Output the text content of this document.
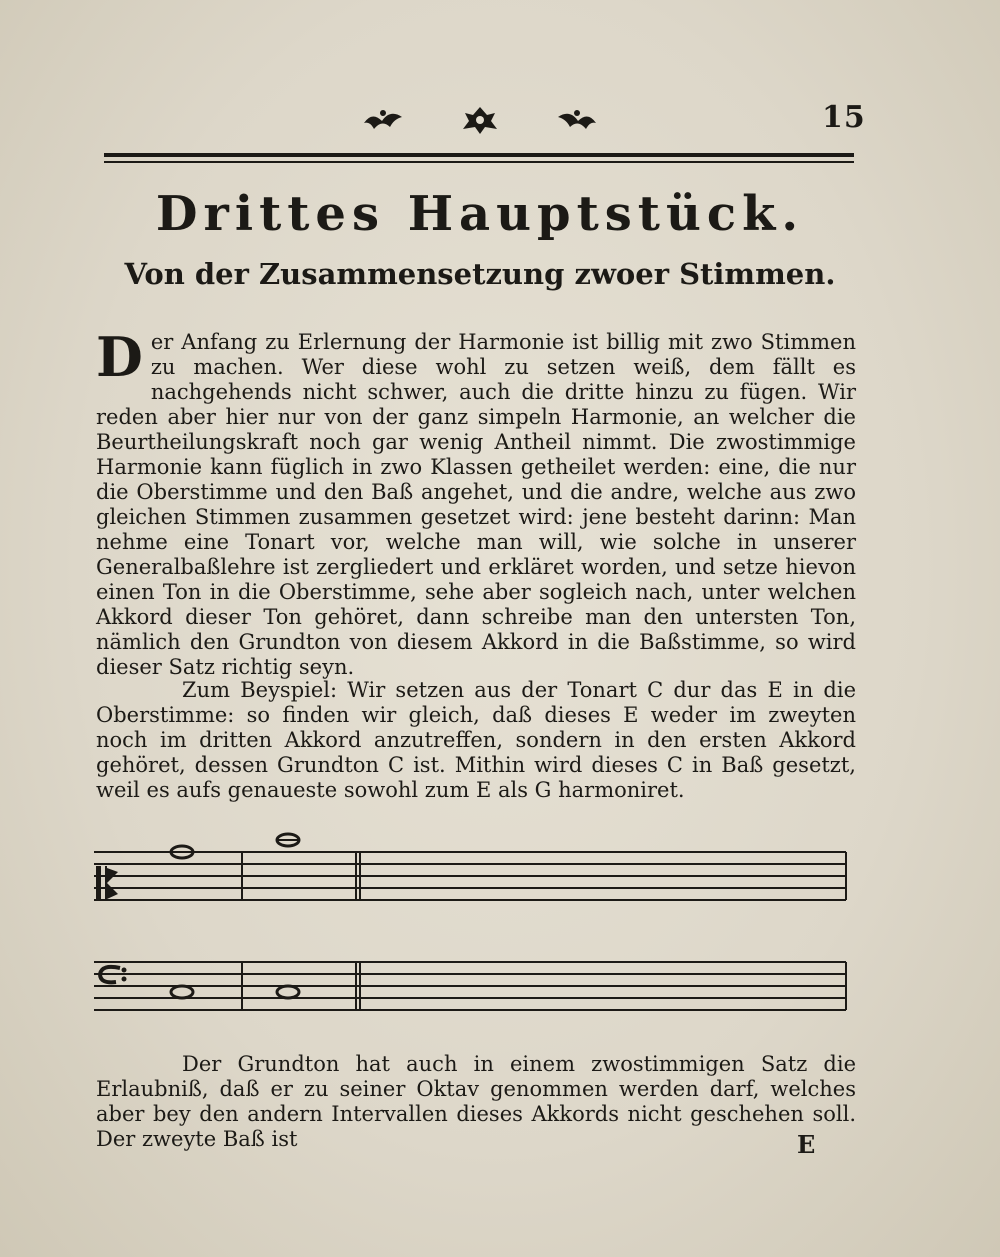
15
Drittes Hauptstück.
Von der Zusammensetzung zwoer Stimmen.

Der Anfang zu Erlernung der Harmonie ist billig mit zwo Stimmen zu machen. Wer diese wohl zu setzen weiß, dem fällt es nachgehends nicht schwer, auch die dritte hinzu zu fügen. Wir reden aber hier nur von der ganz simpeln Harmonie, an welcher die Beurtheilungskraft noch gar wenig Antheil nimmt. Die zwostimmige Harmonie kann füglich in zwo Klassen getheilet werden: eine, die nur die Oberstimme und den Baß angehet, und die andre, welche aus zwo gleichen Stimmen zusammen gesetzet wird: jene besteht darinn: Man nehme eine Tonart vor, welche man will, wie solche in unserer Generalbaßlehre ist zergliedert und erkläret worden, und setze hievon einen Ton in die Oberstimme, sehe aber sogleich nach, unter welchen Akkord dieser Ton gehöret, dann schreibe man den untersten Ton, nämlich den Grundton von diesem Akkord in die Baßstimme, so wird dieser Satz richtig seyn.

Zum Beyspiel: Wir setzen aus der Tonart C dur das E in die Oberstimme: so finden wir gleich, daß dieses E weder im zweyten noch im dritten Akkord anzutreffen, sondern in den ersten Akkord gehöret, dessen Grundton C ist. Mithin wird dieses C in Baß gesetzt, weil es aufs genaueste sowohl zum E als G harmoniret.

Der Grundton hat auch in einem zwostimmigen Satz die Erlaubniß, daß er zu seiner Oktav genommen werden darf, welches aber bey den andern Intervallen dieses Akkords nicht geschehen soll. Der zweyte Baß ist	E
